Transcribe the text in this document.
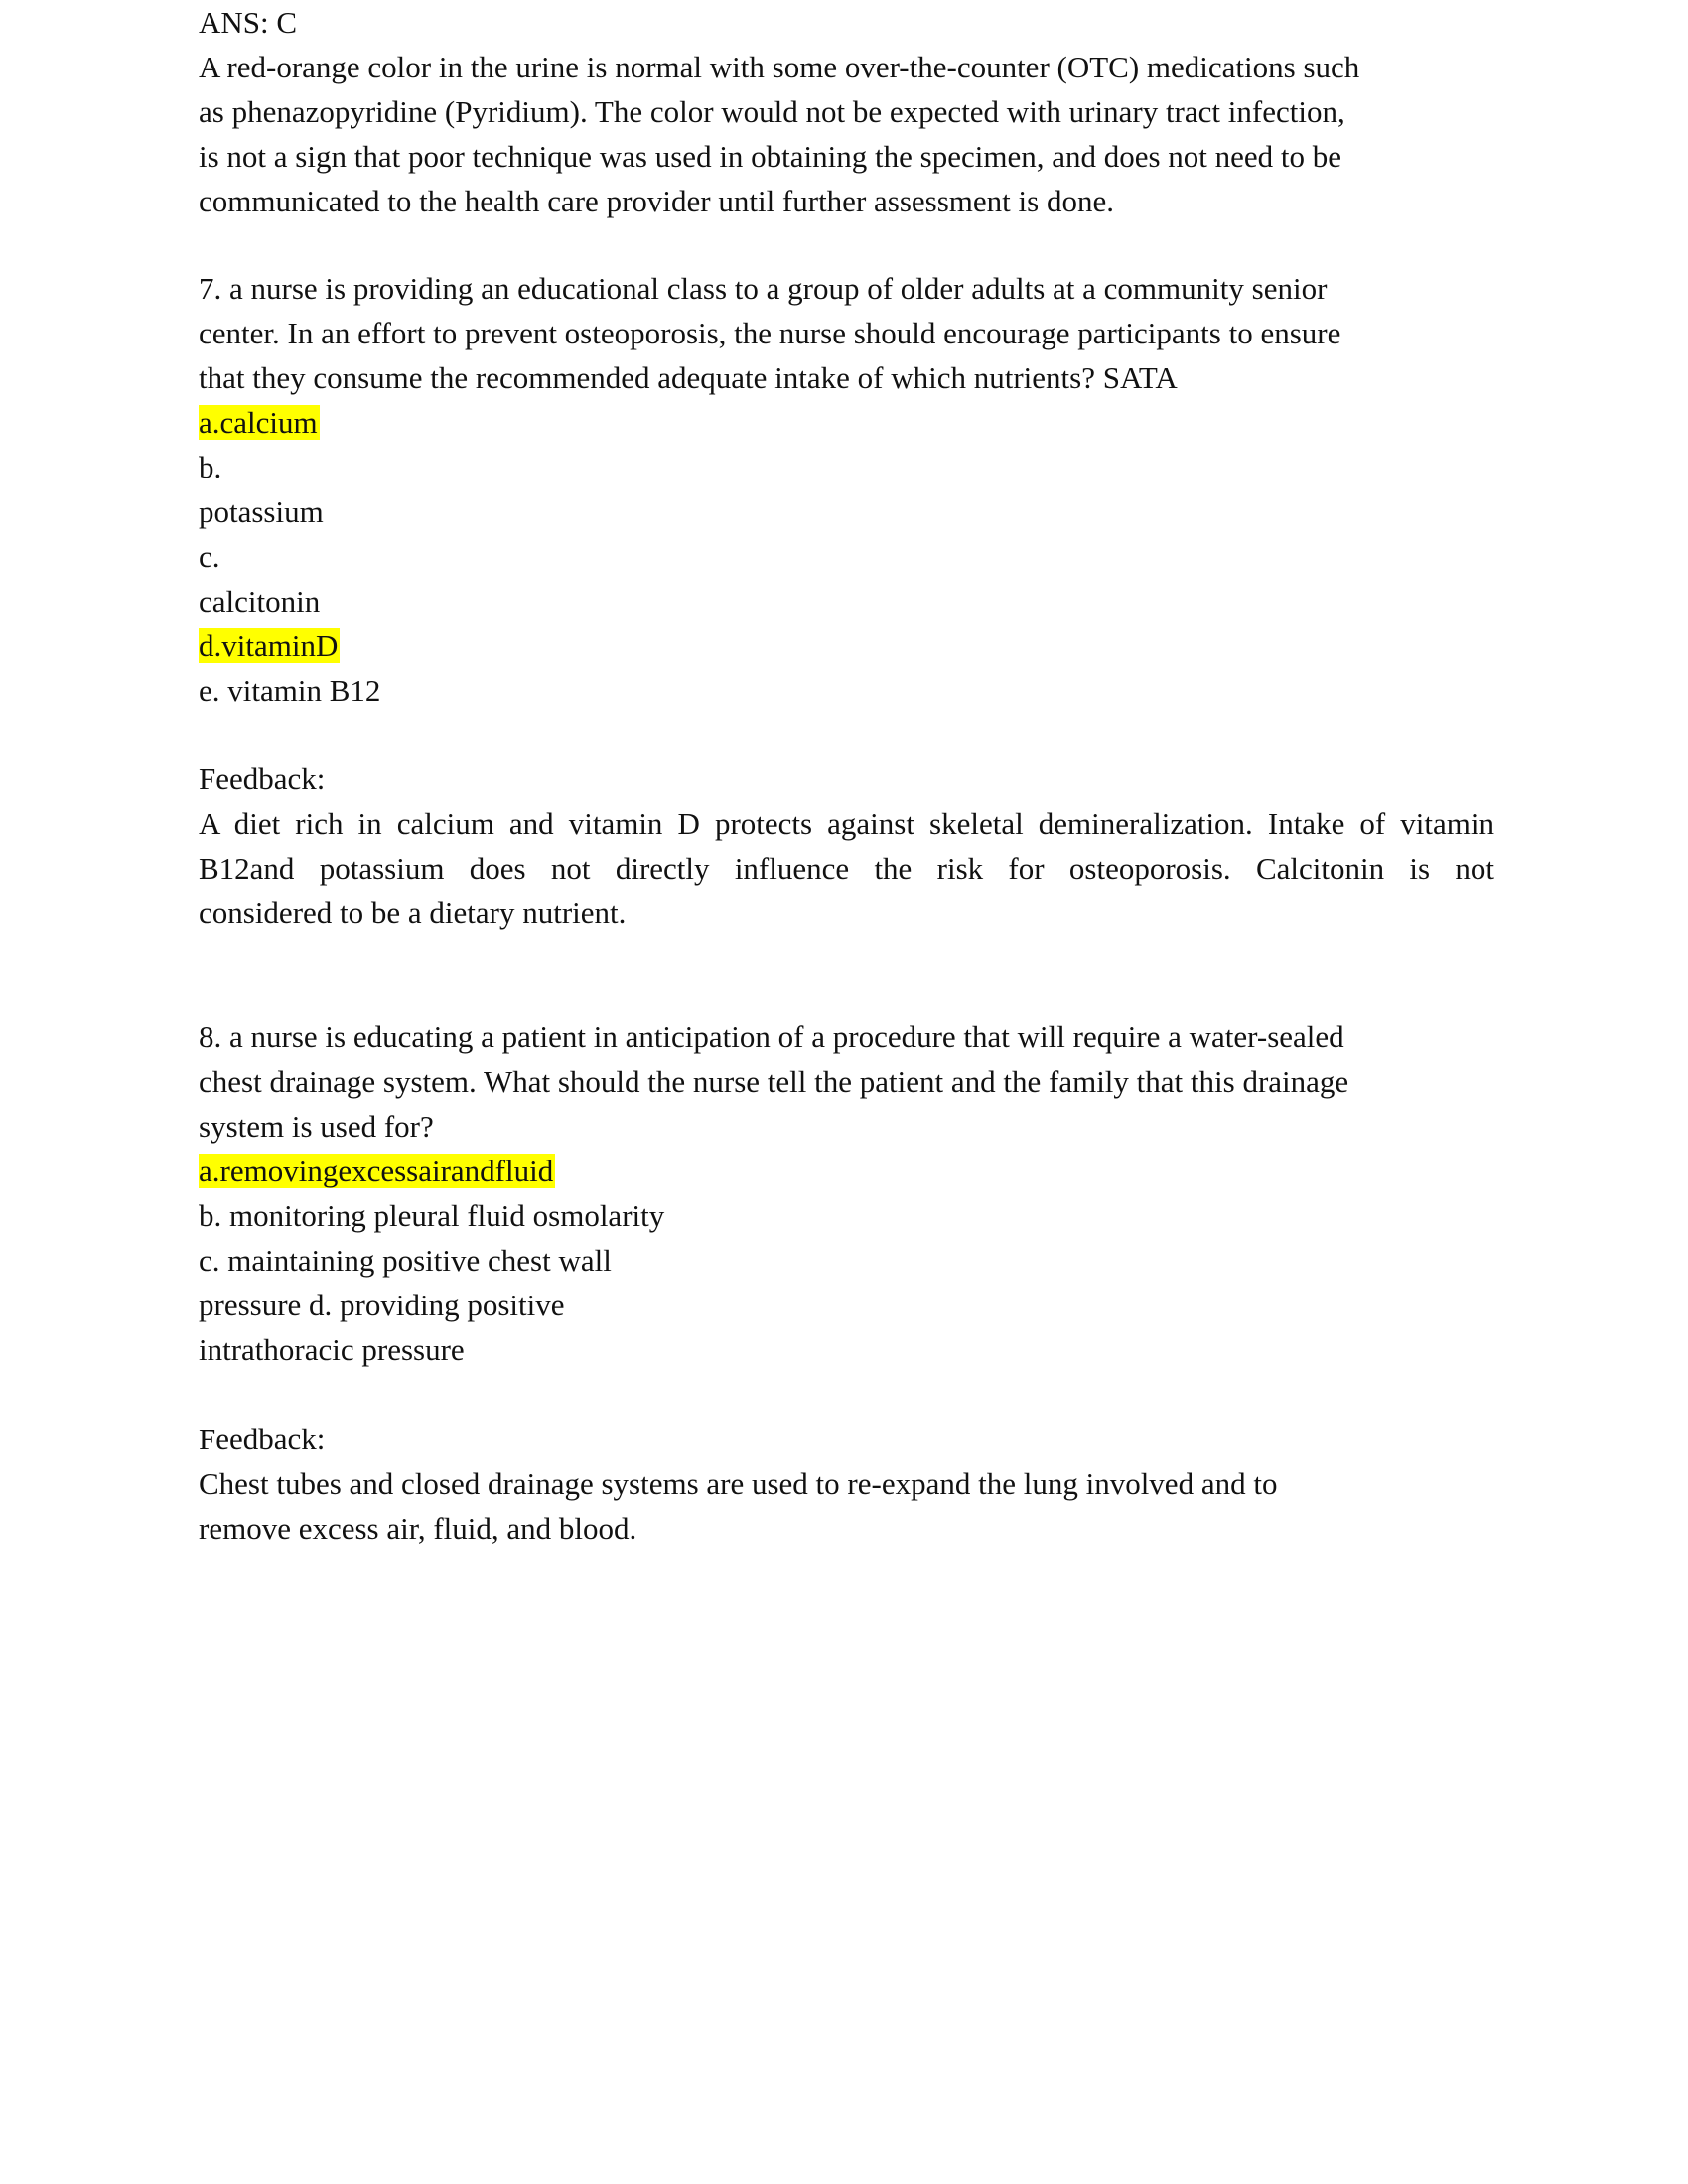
ANS: C

A red-orange color in the urine is normal with some over-the-counter (OTC) medications such

as phenazopyridine (Pyridium). The color would not be expected with urinary tract infection,

is not a sign that poor technique was used in obtaining the specimen, and does not need to be

communicated to the health care provider until further assessment is done.

7. a nurse is providing an educational class to a group of older adults at a community senior

center. In an effort to prevent osteoporosis, the nurse should encourage participants to ensure

that they consume the recommended adequate intake of which nutrients? SATA

a.calcium

b.

potassium

c.

calcitonin

d.vitaminD

e. vitamin B12

Feedback:

A diet rich in calcium and vitamin D protects against skeletal demineralization. Intake of vitamin

B12and potassium does not directly influence the risk for osteoporosis. Calcitonin is not

considered to be a dietary nutrient.

8. a nurse is educating a patient in anticipation of a procedure that will require a water-sealed

chest drainage system. What should the nurse tell the patient and the family that this drainage

system is used for?

a.removingexcessairandfluid

b. monitoring pleural fluid osmolarity

c. maintaining positive chest wall

pressure d. providing positive

intrathoracic pressure

Feedback:

Chest tubes and closed drainage systems are used to re-expand the lung involved and to

remove excess air, fluid, and blood.
